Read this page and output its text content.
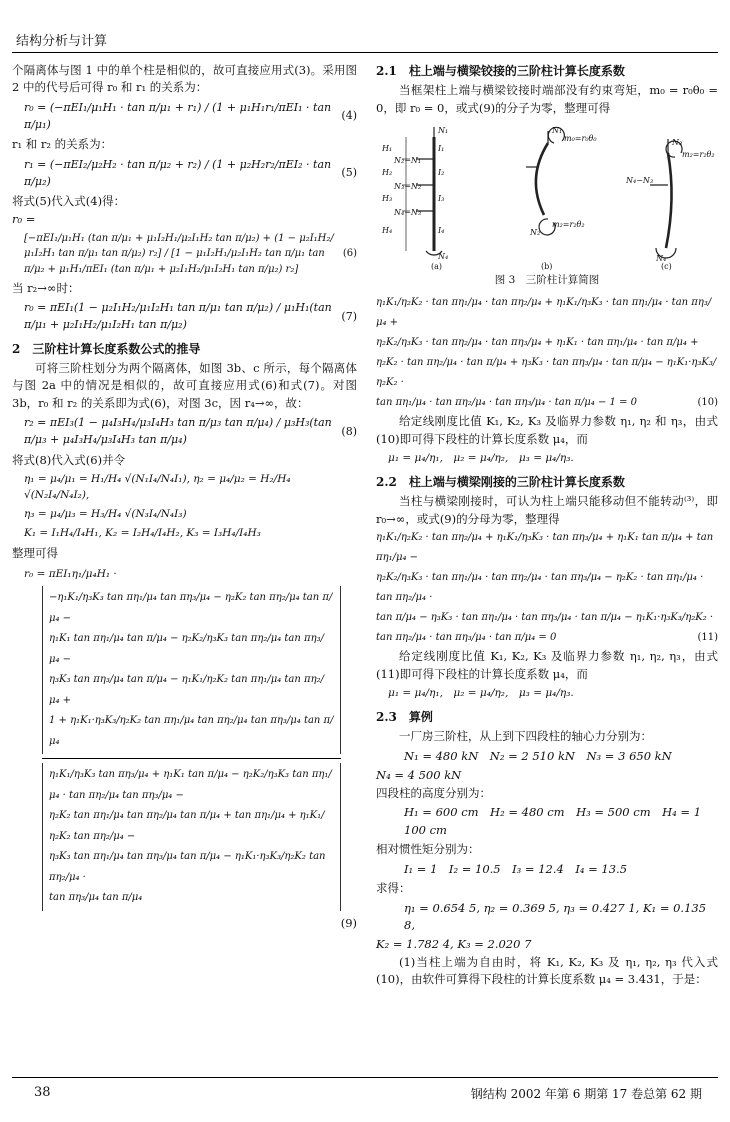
结构分析与计算

个隔离体与图 1 中的单个柱是相似的，故可直接应用式(3)。采用图 2 中的代号后可得 r₀ 和 r₁ 的关系为：

r₀ = (−πEI₁/μ₁H₁ · tan π/μ₁ + r₁) / (1 + μ₁H₁r₁/πEI₁ · tan π/μ₁)
(4)

r₁ 和 r₂ 的关系为：

r₁ = (−πEI₂/μ₂H₂ · tan π/μ₂ + r₂) / (1 + μ₂H₂r₂/πEI₂ · tan π/μ₂)
(5)

将式(5)代入式(4)得：

r₀ =

[−πEI₁/μ₁H₁ (tan π/μ₁ + μ₁I₂H₁/μ₂I₁H₂ tan π/μ₂) + (1 − μ₂I₁H₂/μ₁I₂H₁ tan π/μ₁ tan π/μ₂) r₂] / [1 − μ₁I₂H₁/μ₂I₁H₂ tan π/μ₁ tan π/μ₂ + μ₁H₁/πEI₁ (tan π/μ₁ + μ₂I₁H₂/μ₁I₂H₁ tan π/μ₂) r₂]
(6)

当 r₂→∞时：

r₀ = πEI₁(1 − μ₂I₁H₂/μ₁I₂H₁ tan π/μ₁ tan π/μ₂) / μ₁H₁(tan π/μ₁ + μ₂I₁H₂/μ₁I₂H₁ tan π/μ₂)
(7)
2　三阶柱计算长度系数公式的推导

可将三阶柱划分为两个隔离体，如图 3b、c 所示，每个隔离体与图 2a 中的情况是相似的，故可直接应用式(6)和式(7)。对图 3b，r₀ 和 r₂ 的关系即为式(6)，对图 3c，因 r₄→∞，故：

r₂ = πEI₃(1 − μ₄I₃H₄/μ₃I₄H₃ tan π/μ₃ tan π/μ₄) / μ₃H₃(tan π/μ₃ + μ₄I₃H₄/μ₃I₄H₃ tan π/μ₄)
(8)

将式(8)代入式(6)并令

η₁ = μ₄/μ₁ = H₁/H₄ √(N₁I₄/N₄I₁), η₂ = μ₄/μ₂ = H₂/H₄ √(N₂I₄/N₄I₂),
η₃ = μ₄/μ₃ = H₃/H₄ √(N₃I₄/N₄I₃)
K₁ = I₁H₄/I₄H₁, K₂ = I₂H₄/I₄H₂, K₃ = I₃H₄/I₄H₃

整理可得

r₀ = πEI₁η₁/μ₄H₁ ·
−η₁K₁/η₃K₃ tan πη₁/μ₄ tan πη₃/μ₄ − η₂K₂ tan πη₂/μ₄ tan π/μ₄ −
η₁K₁ tan πη₁/μ₄ tan π/μ₄ − η₂K₂/η₃K₃ tan πη₂/μ₄ tan πη₃/μ₄ −
η₃K₃ tan πη₃/μ₄ tan π/μ₄ − η₁K₁/η₂K₂ tan πη₁/μ₄ tan πη₂/μ₄ +
1 + η₁K₁·η₃K₃/η₂K₂ tan πη₁/μ₄ tan πη₂/μ₄ tan πη₃/μ₄ tan π/μ₄
η₁K₁/η₃K₃ tan πη₃/μ₄ + η₁K₁ tan π/μ₄ − η₂K₂/η₃K₃ tan πη₁/μ₄ · tan πη₂/μ₄ tan πη₃/μ₄ −
η₂K₂ tan πη₁/μ₄ tan πη₂/μ₄ tan π/μ₄ + tan πη₁/μ₄ + η₁K₁/η₂K₂ tan πη₂/μ₄ −
η₃K₃ tan πη₁/μ₄ tan πη₃/μ₄ tan π/μ₄ − η₁K₁·η₃K₃/η₂K₂ tan πη₂/μ₄ ·
tan πη₃/μ₄ tan π/μ₄
(9)
2.1　柱上端与横梁铰接的三阶柱计算长度系数

当框架柱上端与横梁铰接时端部没有约束弯矩，m₀ = r₀θ₀ = 0，即 r₀ = 0，或式(9)的分子为零，整理可得

N₁
N₂−N₁
N₃−N₂
N₄−N₃
N₄
I₁
I₂
I₃
I₄
H₁
H₂
H₃
H₄
N₁
m₀=r₀θ₀
m₂=r₂θ₂
N₂
N₃
m₂=r₂θ₂
N₄−N₃
N₄
(a)	(b)	(c)
图 3　三阶柱计算简图
η₁K₁/η₂K₂ · tan πη₁/μ₄ · tan πη₂/μ₄ + η₁K₁/η₃K₃ · tan πη₁/μ₄ · tan πη₃/μ₄ +
η₂K₂/η₃K₃ · tan πη₂/μ₄ · tan πη₃/μ₄ + η₁K₁ · tan πη₁/μ₄ · tan π/μ₄ +
η₂K₂ · tan πη₂/μ₄ · tan π/μ₄ + η₃K₃ · tan πη₃/μ₄ · tan π/μ₄ − η₁K₁·η₃K₃/η₂K₂ ·
tan πη₁/μ₄ · tan πη₂/μ₄ · tan πη₃/μ₄ · tan π/μ₄ − 1 = 0	(10)

给定线刚度比值 K₁, K₂, K₃ 及临界力参数 η₁, η₂ 和 η₃，由式(10)即可得下段柱的计算长度系数 μ₄，而

μ₁ = μ₄/η₁,　μ₂ = μ₄/η₂,　μ₃ = μ₄/η₃.
2.2　柱上端与横梁刚接的三阶柱计算长度系数

当柱与横梁刚接时，可认为柱上端只能移动但不能转动⁽³⁾，即 r₀→∞，或式(9)的分母为零，整理得

η₁K₁/η₂K₂ · tan πη₂/μ₄ + η₁K₁/η₃K₃ · tan πη₃/μ₄ + η₁K₁ tan π/μ₄ + tan πη₁/μ₄ −
η₂K₂/η₃K₃ · tan πη₁/μ₄ · tan πη₂/μ₄ · tan πη₃/μ₄ − η₂K₂ · tan πη₁/μ₄ · tan πη₂/μ₄ ·
tan π/μ₄ − η₃K₃ · tan πη₁/μ₄ · tan πη₃/μ₄ · tan π/μ₄ − η₁K₁·η₃K₃/η₂K₂ ·
tan πη₂/μ₄ · tan πη₃/μ₄ · tan π/μ₄ = 0	(11)

给定线刚度比值 K₁, K₂, K₃ 及临界力参数 η₁, η₂, η₃，由式(11)即可得下段柱的计算长度系数 μ₄，而

μ₁ = μ₄/η₁,　μ₂ = μ₄/η₂,　μ₃ = μ₄/η₃.
2.3　算例

一厂房三阶柱，从上到下四段柱的轴心力分别为：

N₁ = 480 kN　N₂ = 2 510 kN　N₃ = 3 650 kN

N₄ = 4 500 kN

四段柱的高度分别为：

H₁ = 600 cm　H₂ = 480 cm　H₃ = 500 cm　H₄ = 1 100 cm

相对惯性矩分别为：

I₁ = 1　I₂ = 10.5　I₃ = 12.4　I₄ = 13.5

求得：

η₁ = 0.654 5, η₂ = 0.369 5, η₃ = 0.427 1, K₁ = 0.135 8,

K₂ = 1.782 4, K₃ = 2.020 7

(1)当柱上端为自由时，将 K₁, K₂, K₃ 及 η₁, η₂, η₃ 代入式(10)，由软件可算得下段柱的计算长度系数 μ₄ = 3.431，于是：

38	钢结构 2002 年第 6 期第 17 卷总第 62 期
